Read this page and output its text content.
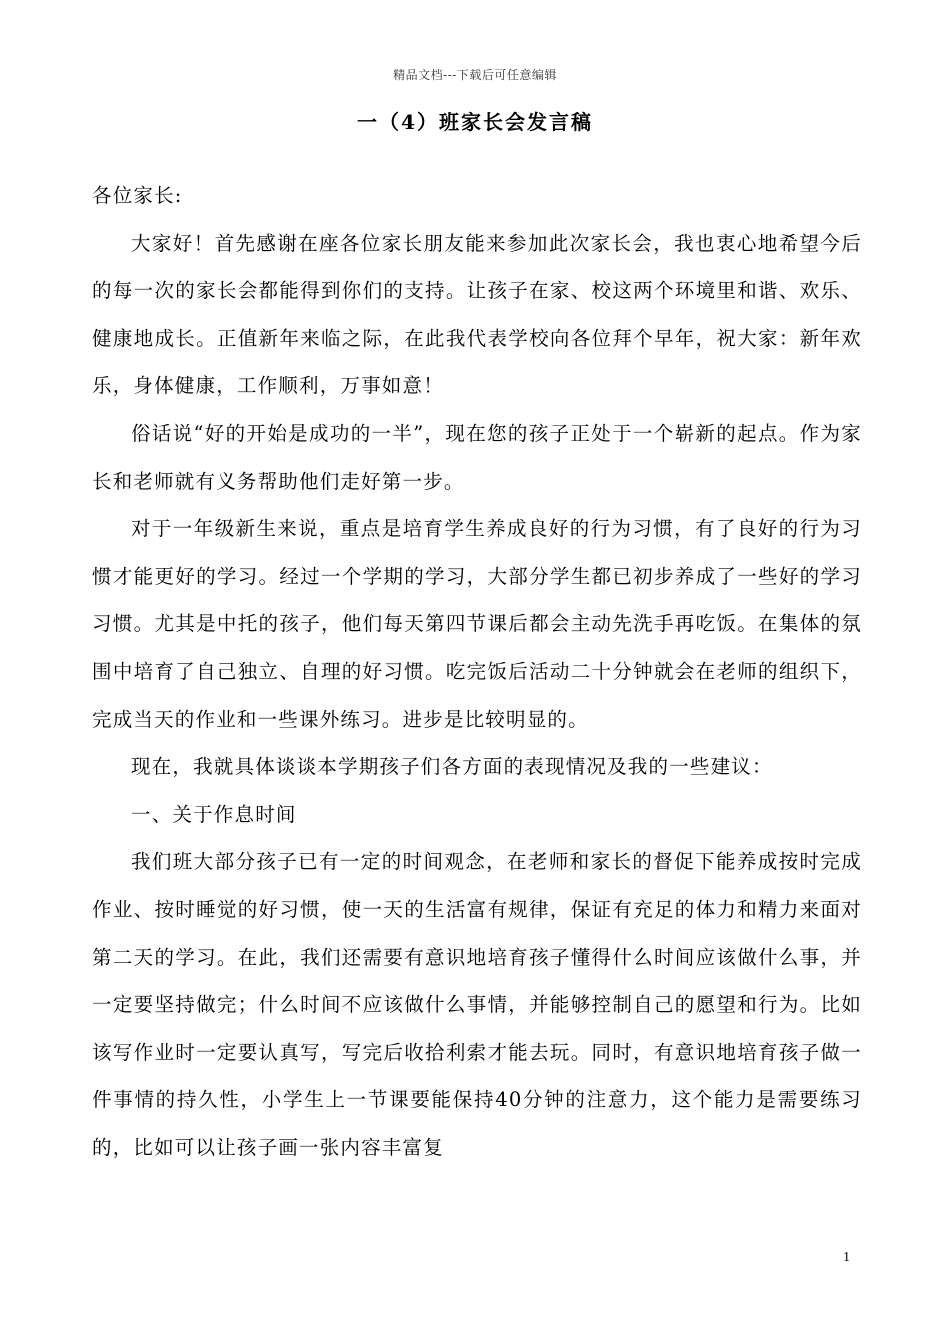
精品文档---下载后可任意编辑
一（4）班家长会发言稿

各位家长:

大家好！首先感谢在座各位家长朋友能来参加此次家长会，我也衷心地希望今后的每一次的家长会都能得到你们的支持。让孩子在家、校这两个环境里和谐、欢乐、健康地成长。正值新年来临之际，在此我代表学校向各位拜个早年，祝大家：新年欢乐，身体健康，工作顺利，万事如意！

俗话说“好的开始是成功的一半”，现在您的孩子正处于一个崭新的起点。作为家长和老师就有义务帮助他们走好第一步。

对于一年级新生来说，重点是培育学生养成良好的行为习惯，有了良好的行为习惯才能更好的学习。经过一个学期的学习，大部分学生都已初步养成了一些好的学习习惯。尤其是中托的孩子，他们每天第四节课后都会主动先洗手再吃饭。在集体的氛围中培育了自己独立、自理的好习惯。吃完饭后活动二十分钟就会在老师的组织下，完成当天的作业和一些课外练习。进步是比较明显的。

现在，我就具体谈谈本学期孩子们各方面的表现情况及我的一些建议：

一、关于作息时间

我们班大部分孩子已有一定的时间观念，在老师和家长的督促下能养成按时完成作业、按时睡觉的好习惯，使一天的生活富有规律，保证有充足的体力和精力来面对第二天的学习。在此，我们还需要有意识地培育孩子懂得什么时间应该做什么事，并一定要坚持做完；什么时间不应该做什么事情，并能够控制自己的愿望和行为。比如该写作业时一定要认真写，写完后收拾利索才能去玩。同时，有意识地培育孩子做一件事情的持久性，小学生上一节课要能保持40分钟的注意力，这个能力是需要练习的，比如可以让孩子画一张内容丰富复

1
